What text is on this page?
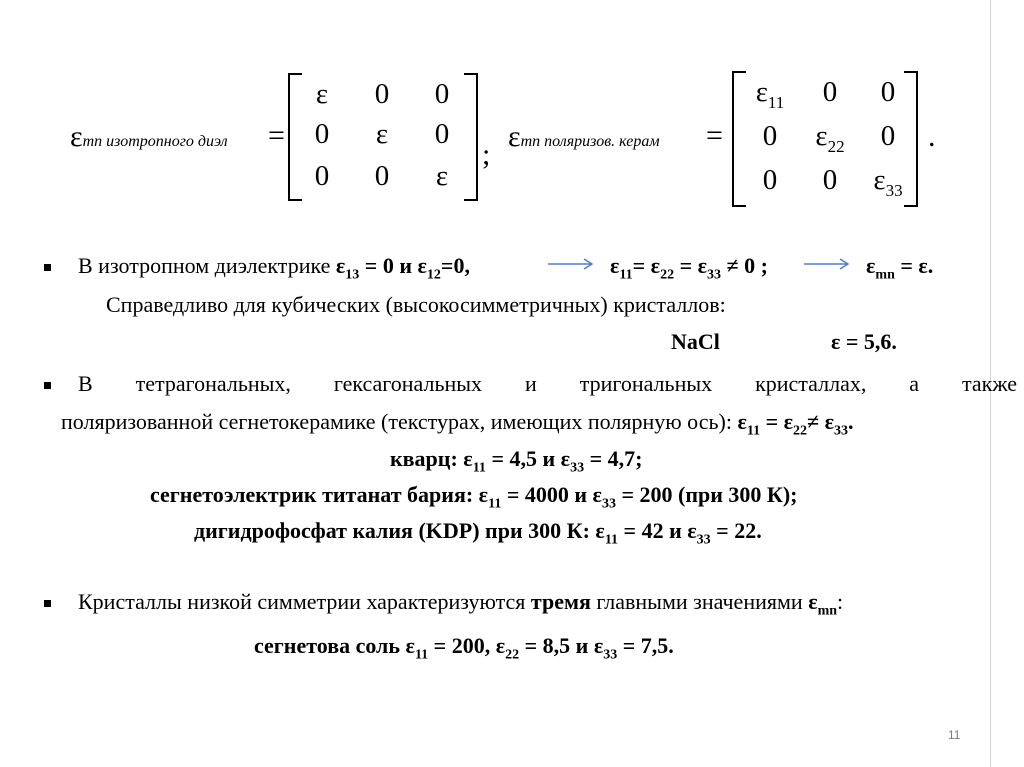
εmn изотропного диэл =
ε	0	0
0	ε	0
0	0	ε
;
εmn поляризов. керам =
$\varepsilon_{11}$	0	0
0	$\varepsilon_{22}$	0
0	0	$\varepsilon_{33}$
.
В изотропном диэлектрике $\varepsilon_{13} = 0$ и $\varepsilon_{12}=0$,	$\varepsilon_{11}= \varepsilon_{22} = \varepsilon_{33} \ne 0$ ;	$\varepsilon_{mn} = \varepsilon$.
Справедливо для кубических (высокосимметричных) кристаллов:
NaCl	ε = 5,6.
В тетрагональных, гексагональных и тригональных кристаллах, а также
поляризованной сегнетокерамике (текстурах, имеющих полярную ось): $\varepsilon_{11} = \varepsilon_{22}\ne \varepsilon_{33}$.
кварц: $\varepsilon_{11} = 4,5$ и $\varepsilon_{33} = 4,7$;
сегнетоэлектрик титанат бария: $\varepsilon_{11} = 4000$ и $\varepsilon_{33} = 200$ (при 300 К);
дигидрофосфат калия (KDP) при 300 К: $\varepsilon_{11} = 42$ и $\varepsilon_{33} = 22$.
Кристаллы низкой симметрии характеризуются тремя главными значениями $\varepsilon_{mn}$:
сегнетова соль $\varepsilon_{11} = 200$, $\varepsilon_{22} = 8,5$ и $\varepsilon_{33} = 7,5$.
11
